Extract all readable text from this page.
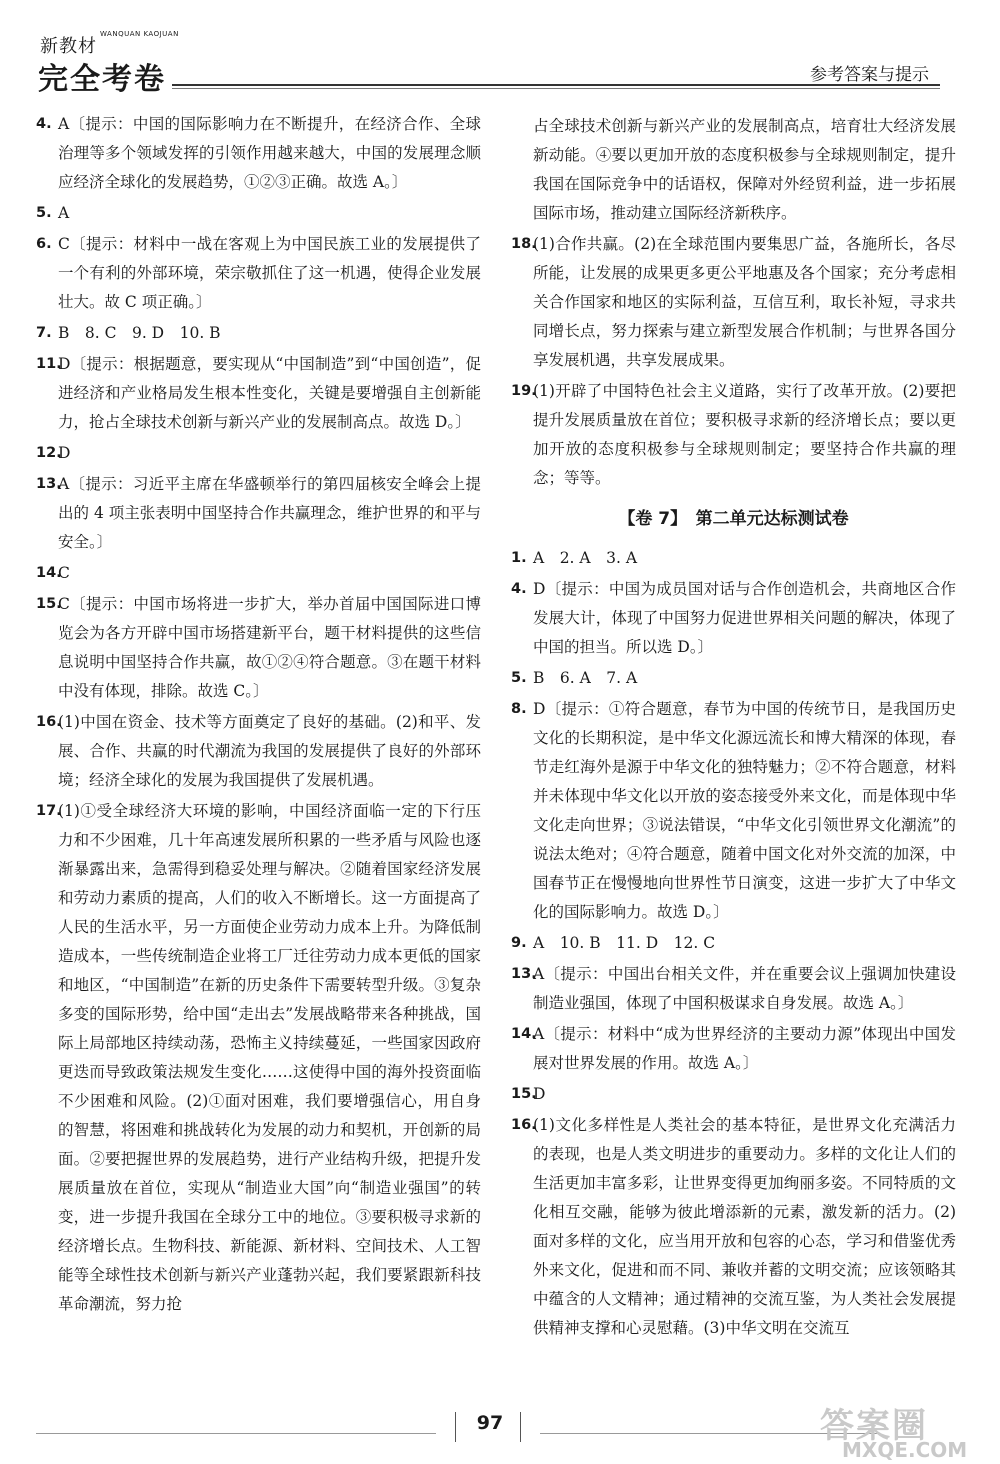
新教材
WANQUAN KAOJUAN
完全考卷	参考答案与提示
4. A〔提示：中国的国际影响力在不断提升，在经济合作、全球治理等多个领域发挥的引领作用越来越大，中国的发展理念顺应经济全球化的发展趋势，①②③正确。故选 A。〕
5. A
6. C〔提示：材料中一战在客观上为中国民族工业的发展提供了一个有利的外部环境，荣宗敬抓住了这一机遇，使得企业发展壮大。故 C 项正确。〕
7. B　8. C　9. D　10. B
11.
D〔提示：根据题意，要实现从“中国制造”到“中国创造”，促进经济和产业格局发生根本性变化，关键是要增强自主创新能力，抢占全球技术创新与新兴产业的发展制高点。故选 D。〕
12.
D
13.
A〔提示：习近平主席在华盛顿举行的第四届核安全峰会上提出的 4 项主张表明中国坚持合作共赢理念，维护世界的和平与安全。〕
14.
C
15.
C〔提示：中国市场将进一步扩大，举办首届中国国际进口博览会为各方开辟中国市场搭建新平台，题干材料提供的这些信息说明中国坚持合作共赢，故①②④符合题意。③在题干材料中没有体现，排除。故选 C。〕
16.
(1)中国在资金、技术等方面奠定了良好的基础。(2)和平、发展、合作、共赢的时代潮流为我国的发展提供了良好的外部环境；经济全球化的发展为我国提供了发展机遇。
17.
(1)①受全球经济大环境的影响，中国经济面临一定的下行压力和不少困难，几十年高速发展所积累的一些矛盾与风险也逐渐暴露出来，急需得到稳妥处理与解决。②随着国家经济发展和劳动力素质的提高，人们的收入不断增长。这一方面提高了人民的生活水平，另一方面使企业劳动力成本上升。为降低制造成本，一些传统制造企业将工厂迁往劳动力成本更低的国家和地区，“中国制造”在新的历史条件下需要转型升级。③复杂多变的国际形势，给中国“走出去”发展战略带来各种挑战，国际上局部地区持续动荡，恐怖主义持续蔓延，一些国家因政府更迭而导致政策法规发生变化……这使得中国的海外投资面临不少困难和风险。(2)①面对困难，我们要增强信心，用自身的智慧，将困难和挑战转化为发展的动力和契机，开创新的局面。②要把握世界的发展趋势，进行产业结构升级，把提升发展质量放在首位，实现从“制造业大国”向“制造业强国”的转变，进一步提升我国在全球分工中的地位。③要积极寻求新的经济增长点。生物科技、新能源、新材料、空间技术、人工智能等全球性技术创新与新兴产业蓬勃兴起，我们要紧跟新科技革命潮流，努力抢
占全球技术创新与新兴产业的发展制高点，培育壮大经济发展新动能。④要以更加开放的态度积极参与全球规则制定，提升我国在国际竞争中的话语权，保障对外经贸利益，进一步拓展国际市场，推动建立国际经济新秩序。
18.
(1)合作共赢。(2)在全球范围内要集思广益，各施所长，各尽所能，让发展的成果更多更公平地惠及各个国家；充分考虑相关合作国家和地区的实际利益，互信互利，取长补短，寻求共同增长点，努力探索与建立新型发展合作机制；与世界各国分享发展机遇，共享发展成果。
19.
(1)开辟了中国特色社会主义道路，实行了改革开放。(2)要把提升发展质量放在首位；要积极寻求新的经济增长点；要以更加开放的态度积极参与全球规则制定；要坚持合作共赢的理念；等等。
【卷 7】　第二单元达标测试卷
1. A　2. A　3. A
4. D〔提示：中国为成员国对话与合作创造机会，共商地区合作发展大计，体现了中国努力促进世界相关问题的解决，体现了中国的担当。所以选 D。〕
5. B　6. A　7. A
8. D〔提示：①符合题意，春节为中国的传统节日，是我国历史文化的长期积淀，是中华文化源远流长和博大精深的体现，春节走红海外是源于中华文化的独特魅力；②不符合题意，材料并未体现中华文化以开放的姿态接受外来文化，而是体现中华文化走向世界；③说法错误，“中华文化引领世界文化潮流”的说法太绝对；④符合题意，随着中国文化对外交流的加深，中国春节正在慢慢地向世界性节日演变，这进一步扩大了中华文化的国际影响力。故选 D。〕
9. A　10. B　11. D　12. C
13.
A〔提示：中国出台相关文件，并在重要会议上强调加快建设制造业强国，体现了中国积极谋求自身发展。故选 A。〕
14.
A〔提示：材料中“成为世界经济的主要动力源”体现出中国发展对世界发展的作用。故选 A。〕
15.
D
16.
(1)文化多样性是人类社会的基本特征，是世界文化充满活力的表现，也是人类文明进步的重要动力。多样的文化让人们的生活更加丰富多彩，让世界变得更加绚丽多姿。不同特质的文化相互交融，能够为彼此增添新的元素，激发新的活力。(2)面对多样的文化，应当用开放和包容的心态，学习和借鉴优秀外来文化，促进和而不同、兼收并蓄的文明交流；应该领略其中蕴含的人文精神；通过精神的交流互鉴，为人类社会发展提供精神支撑和心灵慰藉。(3)中华文明在交流互
97	答案圈
MXQE.COM
